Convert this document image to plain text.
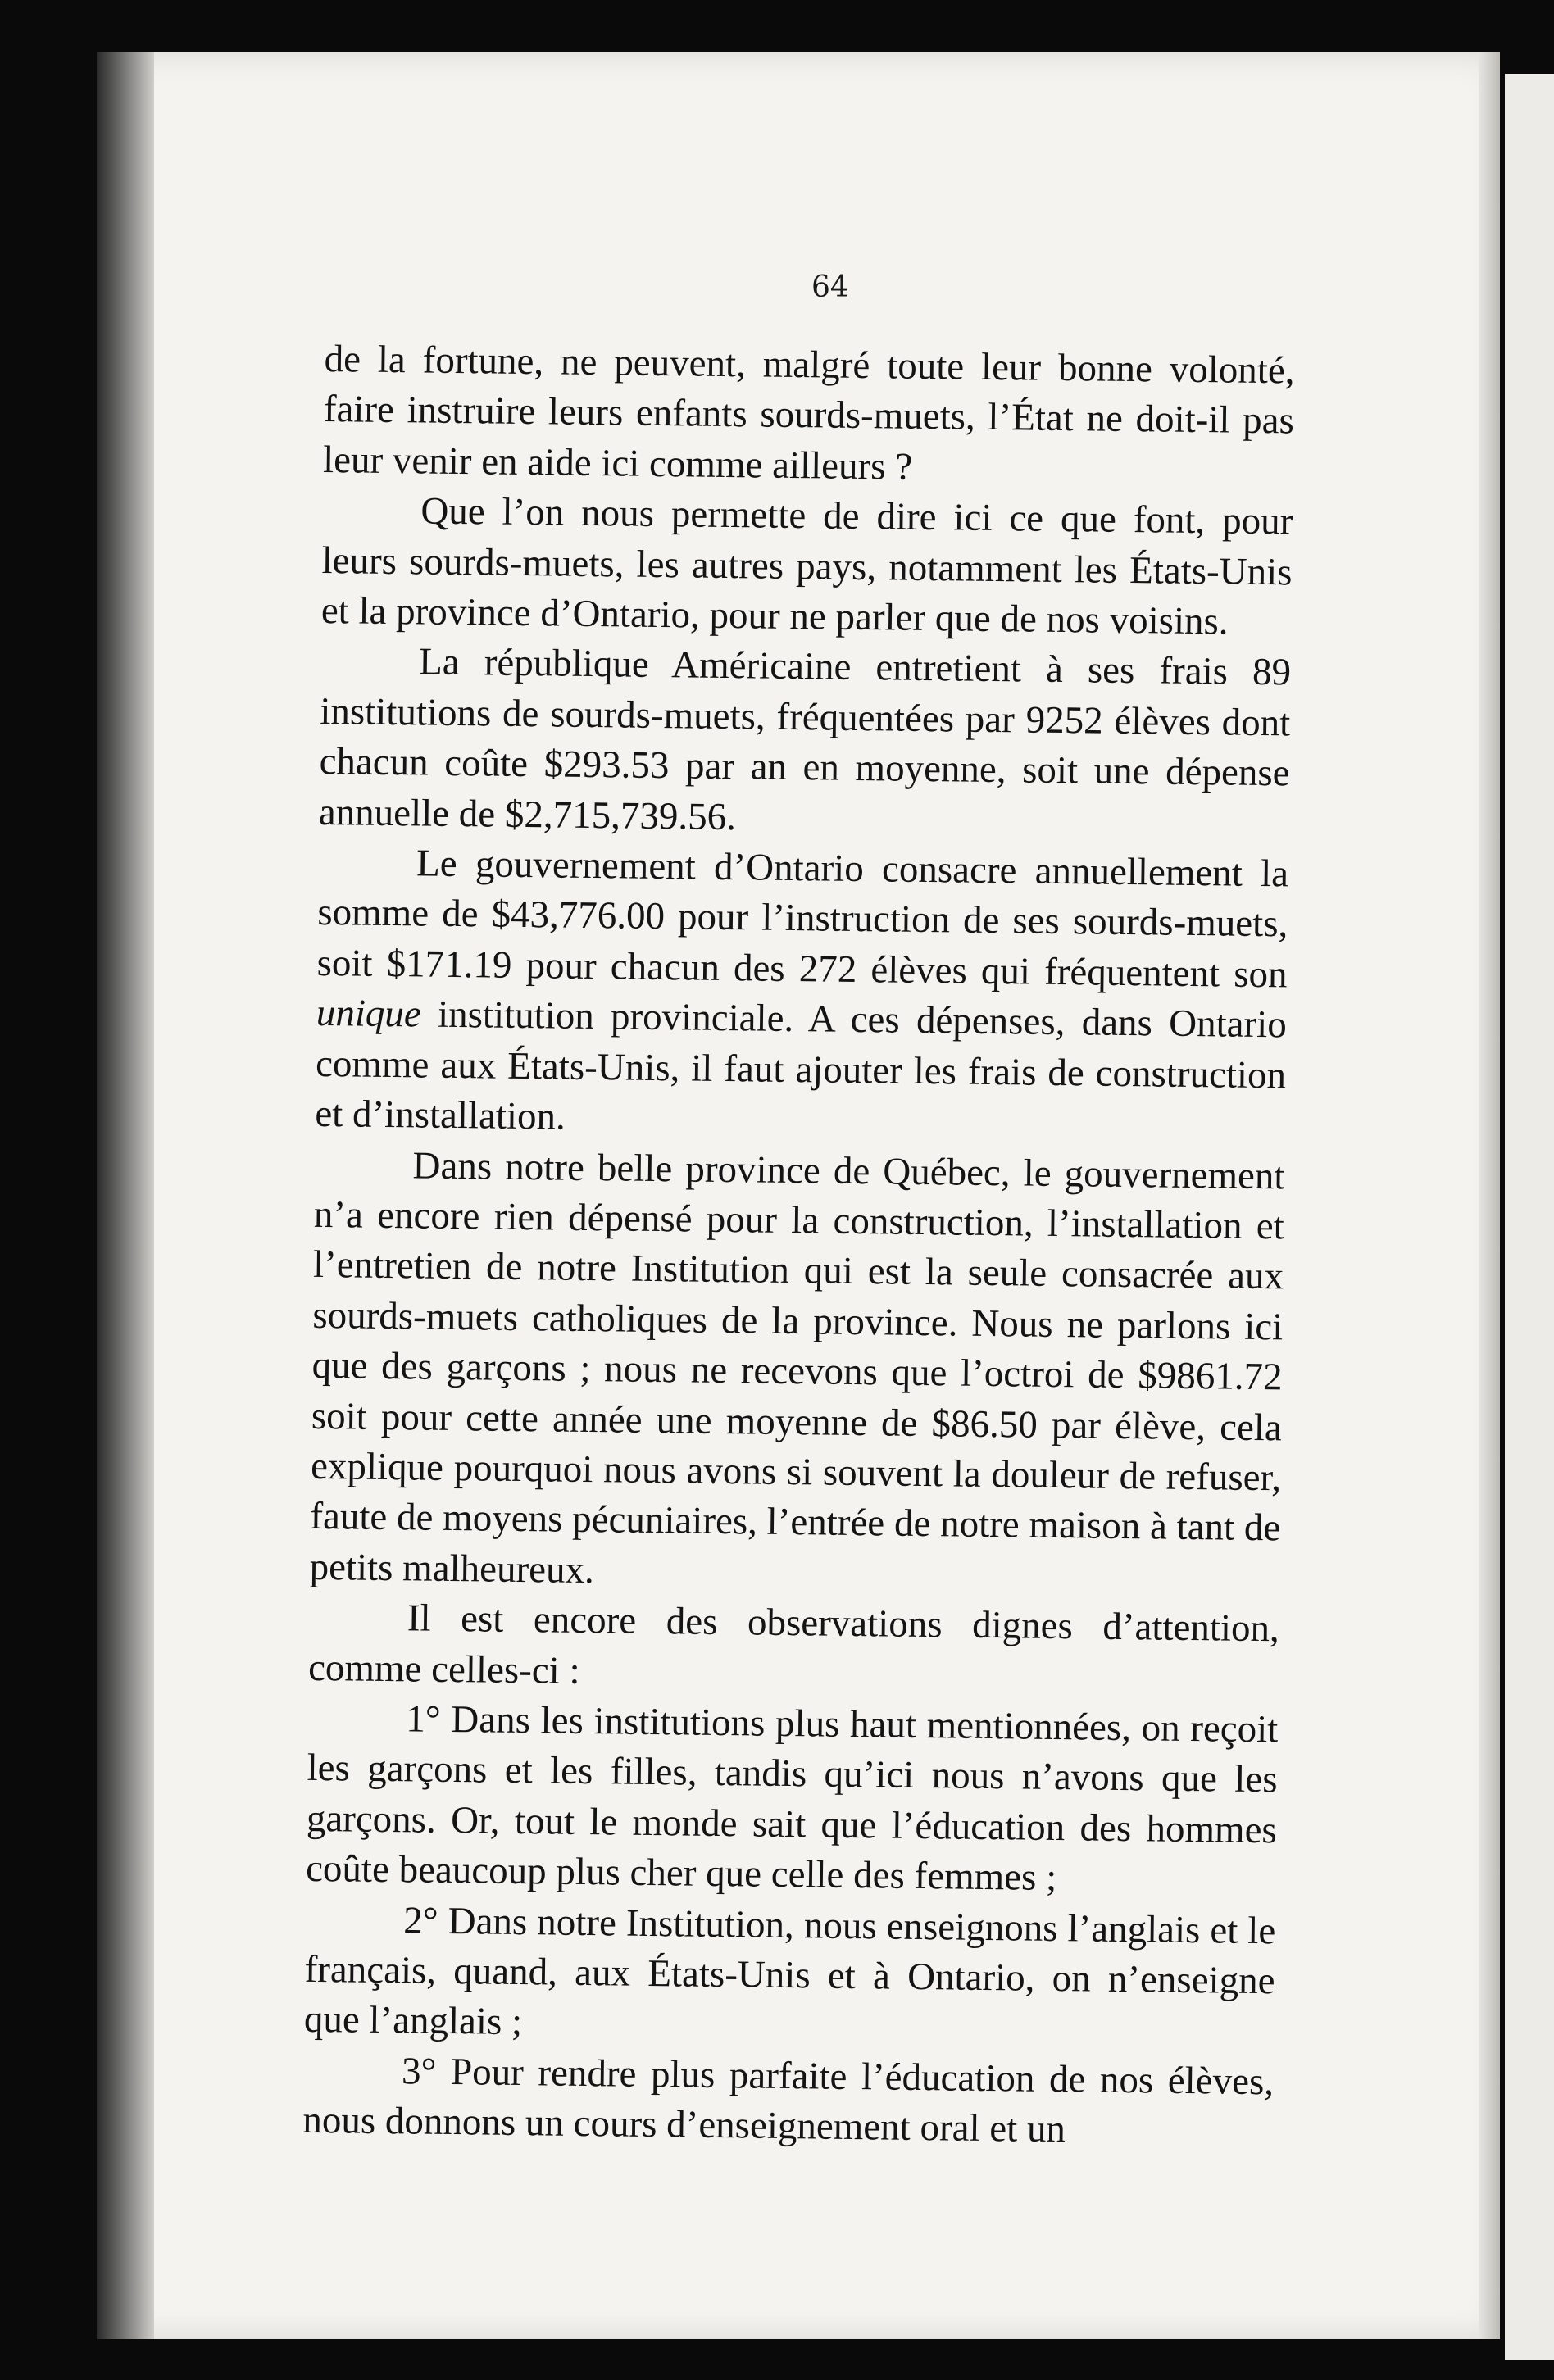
64

de la fortune, ne peuvent, malgré toute leur bonne volonté, faire instruire leurs enfants sourds-muets, l’État ne doit-il pas leur venir en aide ici comme ailleurs ?

Que l’on nous permette de dire ici ce que font, pour leurs sourds-muets, les autres pays, notamment les États-Unis et la province d’Ontario, pour ne parler que de nos voisins.

La république Américaine entretient à ses frais 89 institutions de sourds-muets, fréquentées par 9252 élèves dont chacun coûte $293.53 par an en moyenne, soit une dépense annuelle de $2,715,739.56.

Le gouvernement d’Ontario consacre annuellement la somme de $43,776.00 pour l’instruction de ses sourds-muets, soit $171.19 pour chacun des 272 élèves qui fréquentent son unique institution provinciale. A ces dépenses, dans Ontario comme aux États-Unis, il faut ajouter les frais de construction et d’installation.

Dans notre belle province de Québec, le gouvernement n’a encore rien dépensé pour la construction, l’installation et l’entretien de notre Institution qui est la seule consacrée aux sourds-muets catholiques de la province. Nous ne parlons ici que des garçons ; nous ne recevons que l’octroi de $9861.72 soit pour cette année une moyenne de $86.50 par élève, cela explique pourquoi nous avons si souvent la douleur de refuser, faute de moyens pécuniaires, l’entrée de notre maison à tant de petits malheureux.

Il est encore des observations dignes d’attention, comme celles-ci :

1° Dans les institutions plus haut mentionnées, on reçoit les garçons et les filles, tandis qu’ici nous n’avons que les garçons. Or, tout le monde sait que l’éducation des hommes coûte beaucoup plus cher que celle des femmes ;

2° Dans notre Institution, nous enseignons l’anglais et le français, quand, aux États-Unis et à Ontario, on n’enseigne que l’anglais ;

3° Pour rendre plus parfaite l’éducation de nos élèves, nous donnons un cours d’enseignement oral et un
